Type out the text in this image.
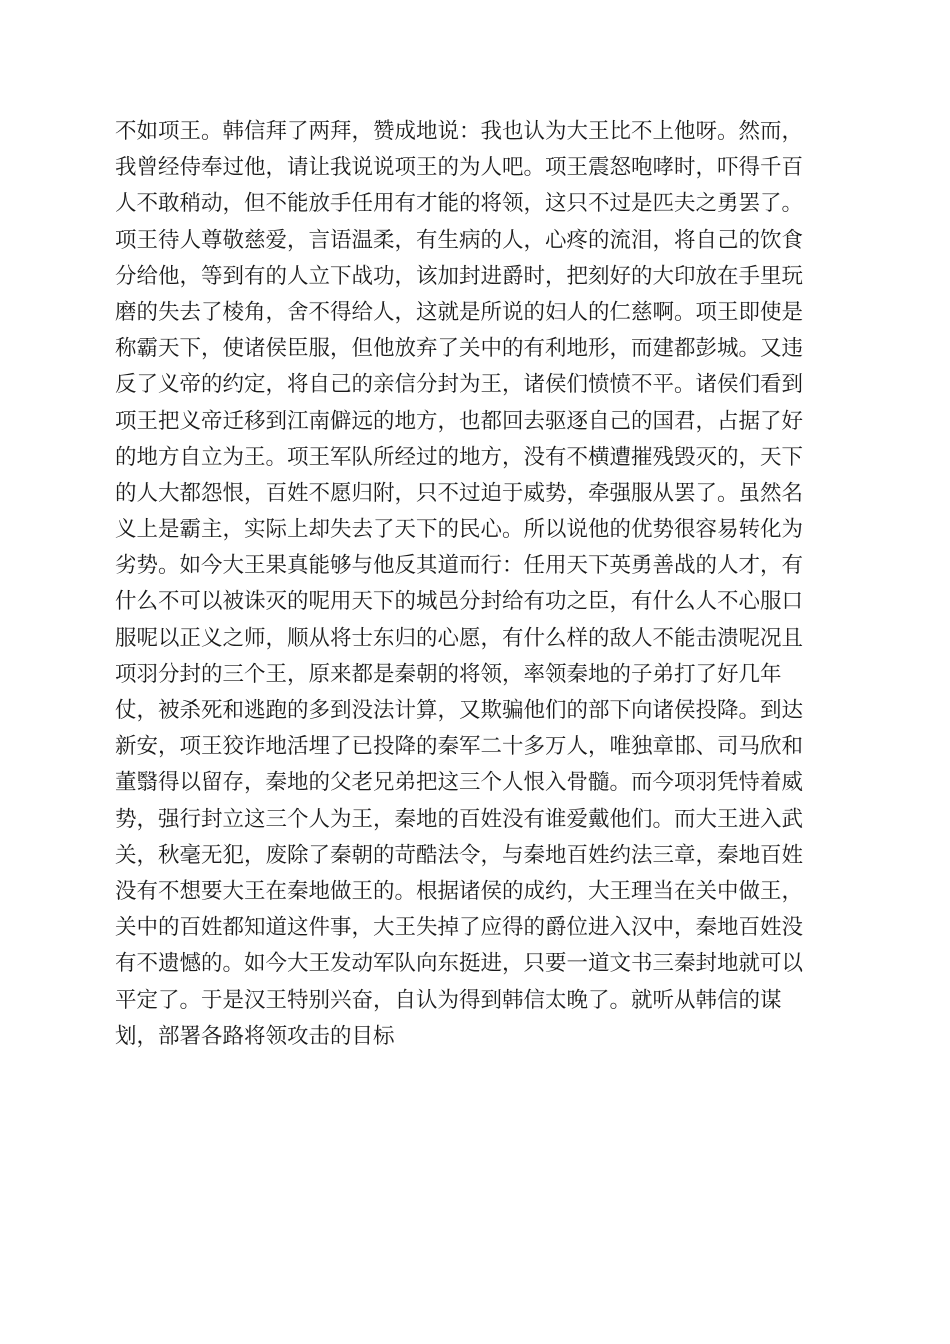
不如项王。韩信拜了两拜，赞成地说：我也认为大王比不上他呀。然而，
我曾经侍奉过他，请让我说说项王的为人吧。项王震怒咆哮时，吓得千百
人不敢稍动，但不能放手任用有才能的将领，这只不过是匹夫之勇罢了。
项王待人尊敬慈爱，言语温柔，有生病的人，心疼的流泪，将自己的饮食
分给他，等到有的人立下战功，该加封进爵时，把刻好的大印放在手里玩
磨的失去了棱角，舍不得给人，这就是所说的妇人的仁慈啊。项王即使是
称霸天下，使诸侯臣服，但他放弃了关中的有利地形，而建都彭城。又违
反了义帝的约定，将自己的亲信分封为王，诸侯们愤愤不平。诸侯们看到
项王把义帝迁移到江南僻远的地方，也都回去驱逐自己的国君，占据了好
的地方自立为王。项王军队所经过的地方，没有不横遭摧残毁灭的，天下
的人大都怨恨，百姓不愿归附，只不过迫于威势，牵强服从罢了。虽然名
义上是霸主，实际上却失去了天下的民心。所以说他的优势很容易转化为
劣势。如今大王果真能够与他反其道而行：任用天下英勇善战的人才，有
什么不可以被诛灭的呢用天下的城邑分封给有功之臣，有什么人不心服口
服呢以正义之师，顺从将士东归的心愿，有什么样的敌人不能击溃呢况且
项羽分封的三个王，原来都是秦朝的将领，率领秦地的子弟打了好几年
仗，被杀死和逃跑的多到没法计算，又欺骗他们的部下向诸侯投降。到达
新安，项王狡诈地活埋了已投降的秦军二十多万人，唯独章邯、司马欣和
董翳得以留存，秦地的父老兄弟把这三个人恨入骨髓。而今项羽凭恃着威
势，强行封立这三个人为王，秦地的百姓没有谁爱戴他们。而大王进入武
关，秋毫无犯，废除了秦朝的苛酷法令，与秦地百姓约法三章，秦地百姓
没有不想要大王在秦地做王的。根据诸侯的成约，大王理当在关中做王，
关中的百姓都知道这件事，大王失掉了应得的爵位进入汉中，秦地百姓没
有不遗憾的。如今大王发动军队向东挺进，只要一道文书三秦封地就可以
平定了。于是汉王特别兴奋，自认为得到韩信太晚了。就听从韩信的谋
划，部署各路将领攻击的目标
